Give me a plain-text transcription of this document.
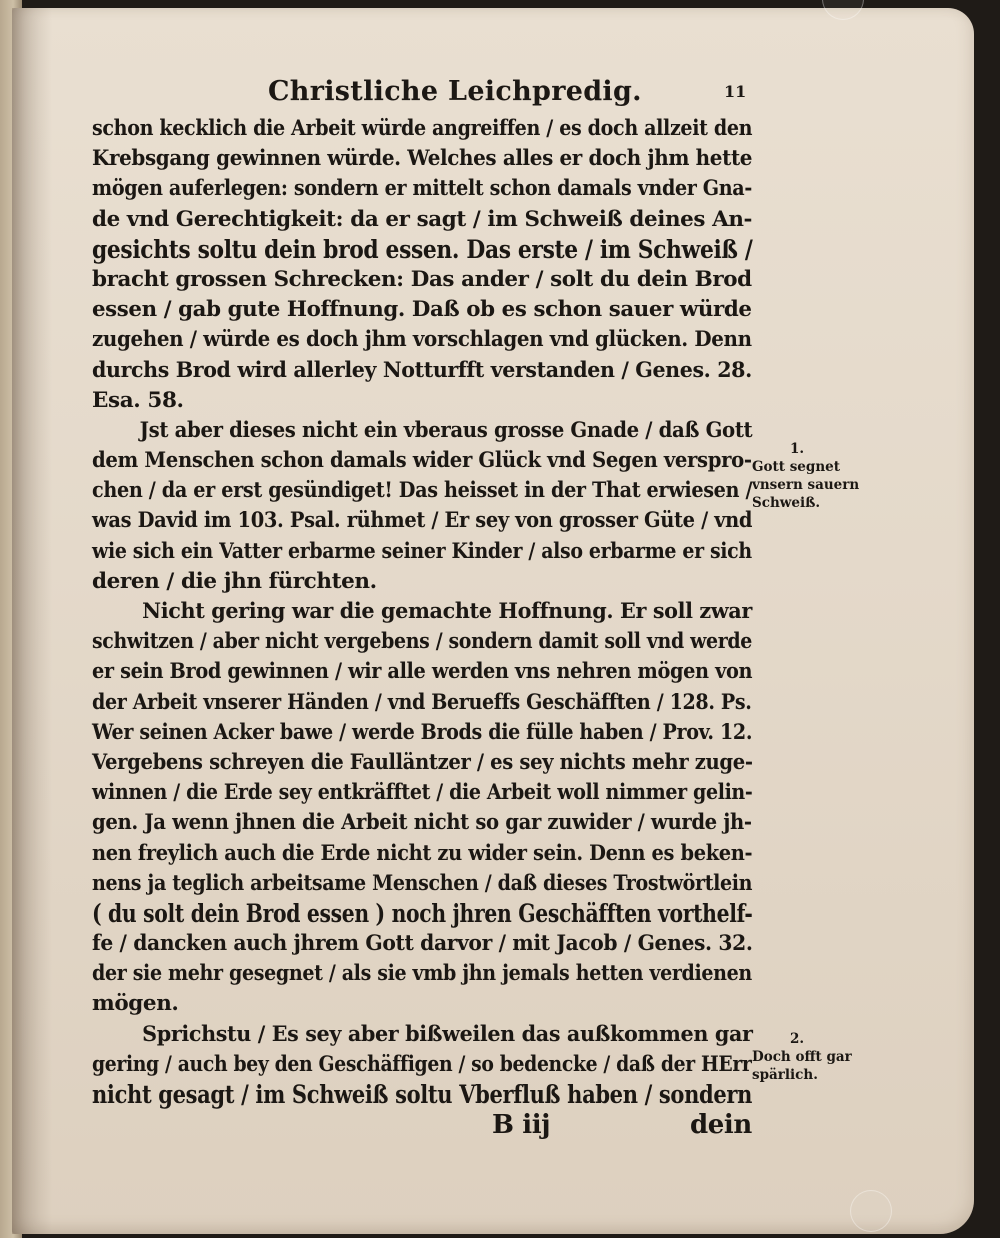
Christliche Leichpredig.	11
schon kecklich die Arbeit würde angreiffen / es doch allzeit den
Krebsgang gewinnen würde. Welches alles er doch jhm hette
mögen auferlegen: sondern er mittelt schon damals vnder Gna-
de vnd Gerechtigkeit: da er sagt / im Schweiß deines An-
gesichts soltu dein brod essen. Das erste / im Schweiß /
bracht grossen Schrecken: Das ander / solt du dein Brod
essen / gab gute Hoffnung. Daß ob es schon sauer würde
zugehen / würde es doch jhm vorschlagen vnd glücken. Denn
durchs Brod wird allerley Notturfft verstanden / Genes. 28.
Esa. 58.
Jst aber dieses nicht ein vberaus grosse Gnade / daß Gott
dem Menschen schon damals wider Glück vnd Segen verspro-
chen / da er erst gesündiget! Das heisset in der That erwiesen /
was David im 103. Psal. rühmet / Er sey von grosser Güte / vnd
wie sich ein Vatter erbarme seiner Kinder / also erbarme er sich
deren / die jhn fürchten.
Nicht gering war die gemachte Hoffnung. Er soll zwar
schwitzen / aber nicht vergebens / sondern damit soll vnd werde
er sein Brod gewinnen / wir alle werden vns nehren mögen von
der Arbeit vnserer Händen / vnd Berueffs Geschäfften / 128. Ps.
Wer seinen Acker bawe / werde Brods die fülle haben / Prov. 12.
Vergebens schreyen die Faulläntzer / es sey nichts mehr zuge-
winnen / die Erde sey entkräfftet / die Arbeit woll nimmer gelin-
gen. Ja wenn jhnen die Arbeit nicht so gar zuwider / wurde jh-
nen freylich auch die Erde nicht zu wider sein. Denn es beken-
nens ja teglich arbeitsame Menschen / daß dieses Trostwörtlein
( du solt dein Brod essen ) noch jhren Geschäfften vorthelf-
fe / dancken auch jhrem Gott darvor / mit Jacob / Genes. 32.
der sie mehr gesegnet / als sie vmb jhn jemals hetten verdienen
mögen.
Sprichstu / Es sey aber bißweilen das außkommen gar
gering / auch bey den Geschäffigen / so bedencke / daß der HErr
nicht gesagt / im Schweiß soltu Vberfluß haben / sondern
B iij	dein
1.
Gott segnet
vnsern sauern
Schweiß.
2.
Doch offt gar
spärlich.
